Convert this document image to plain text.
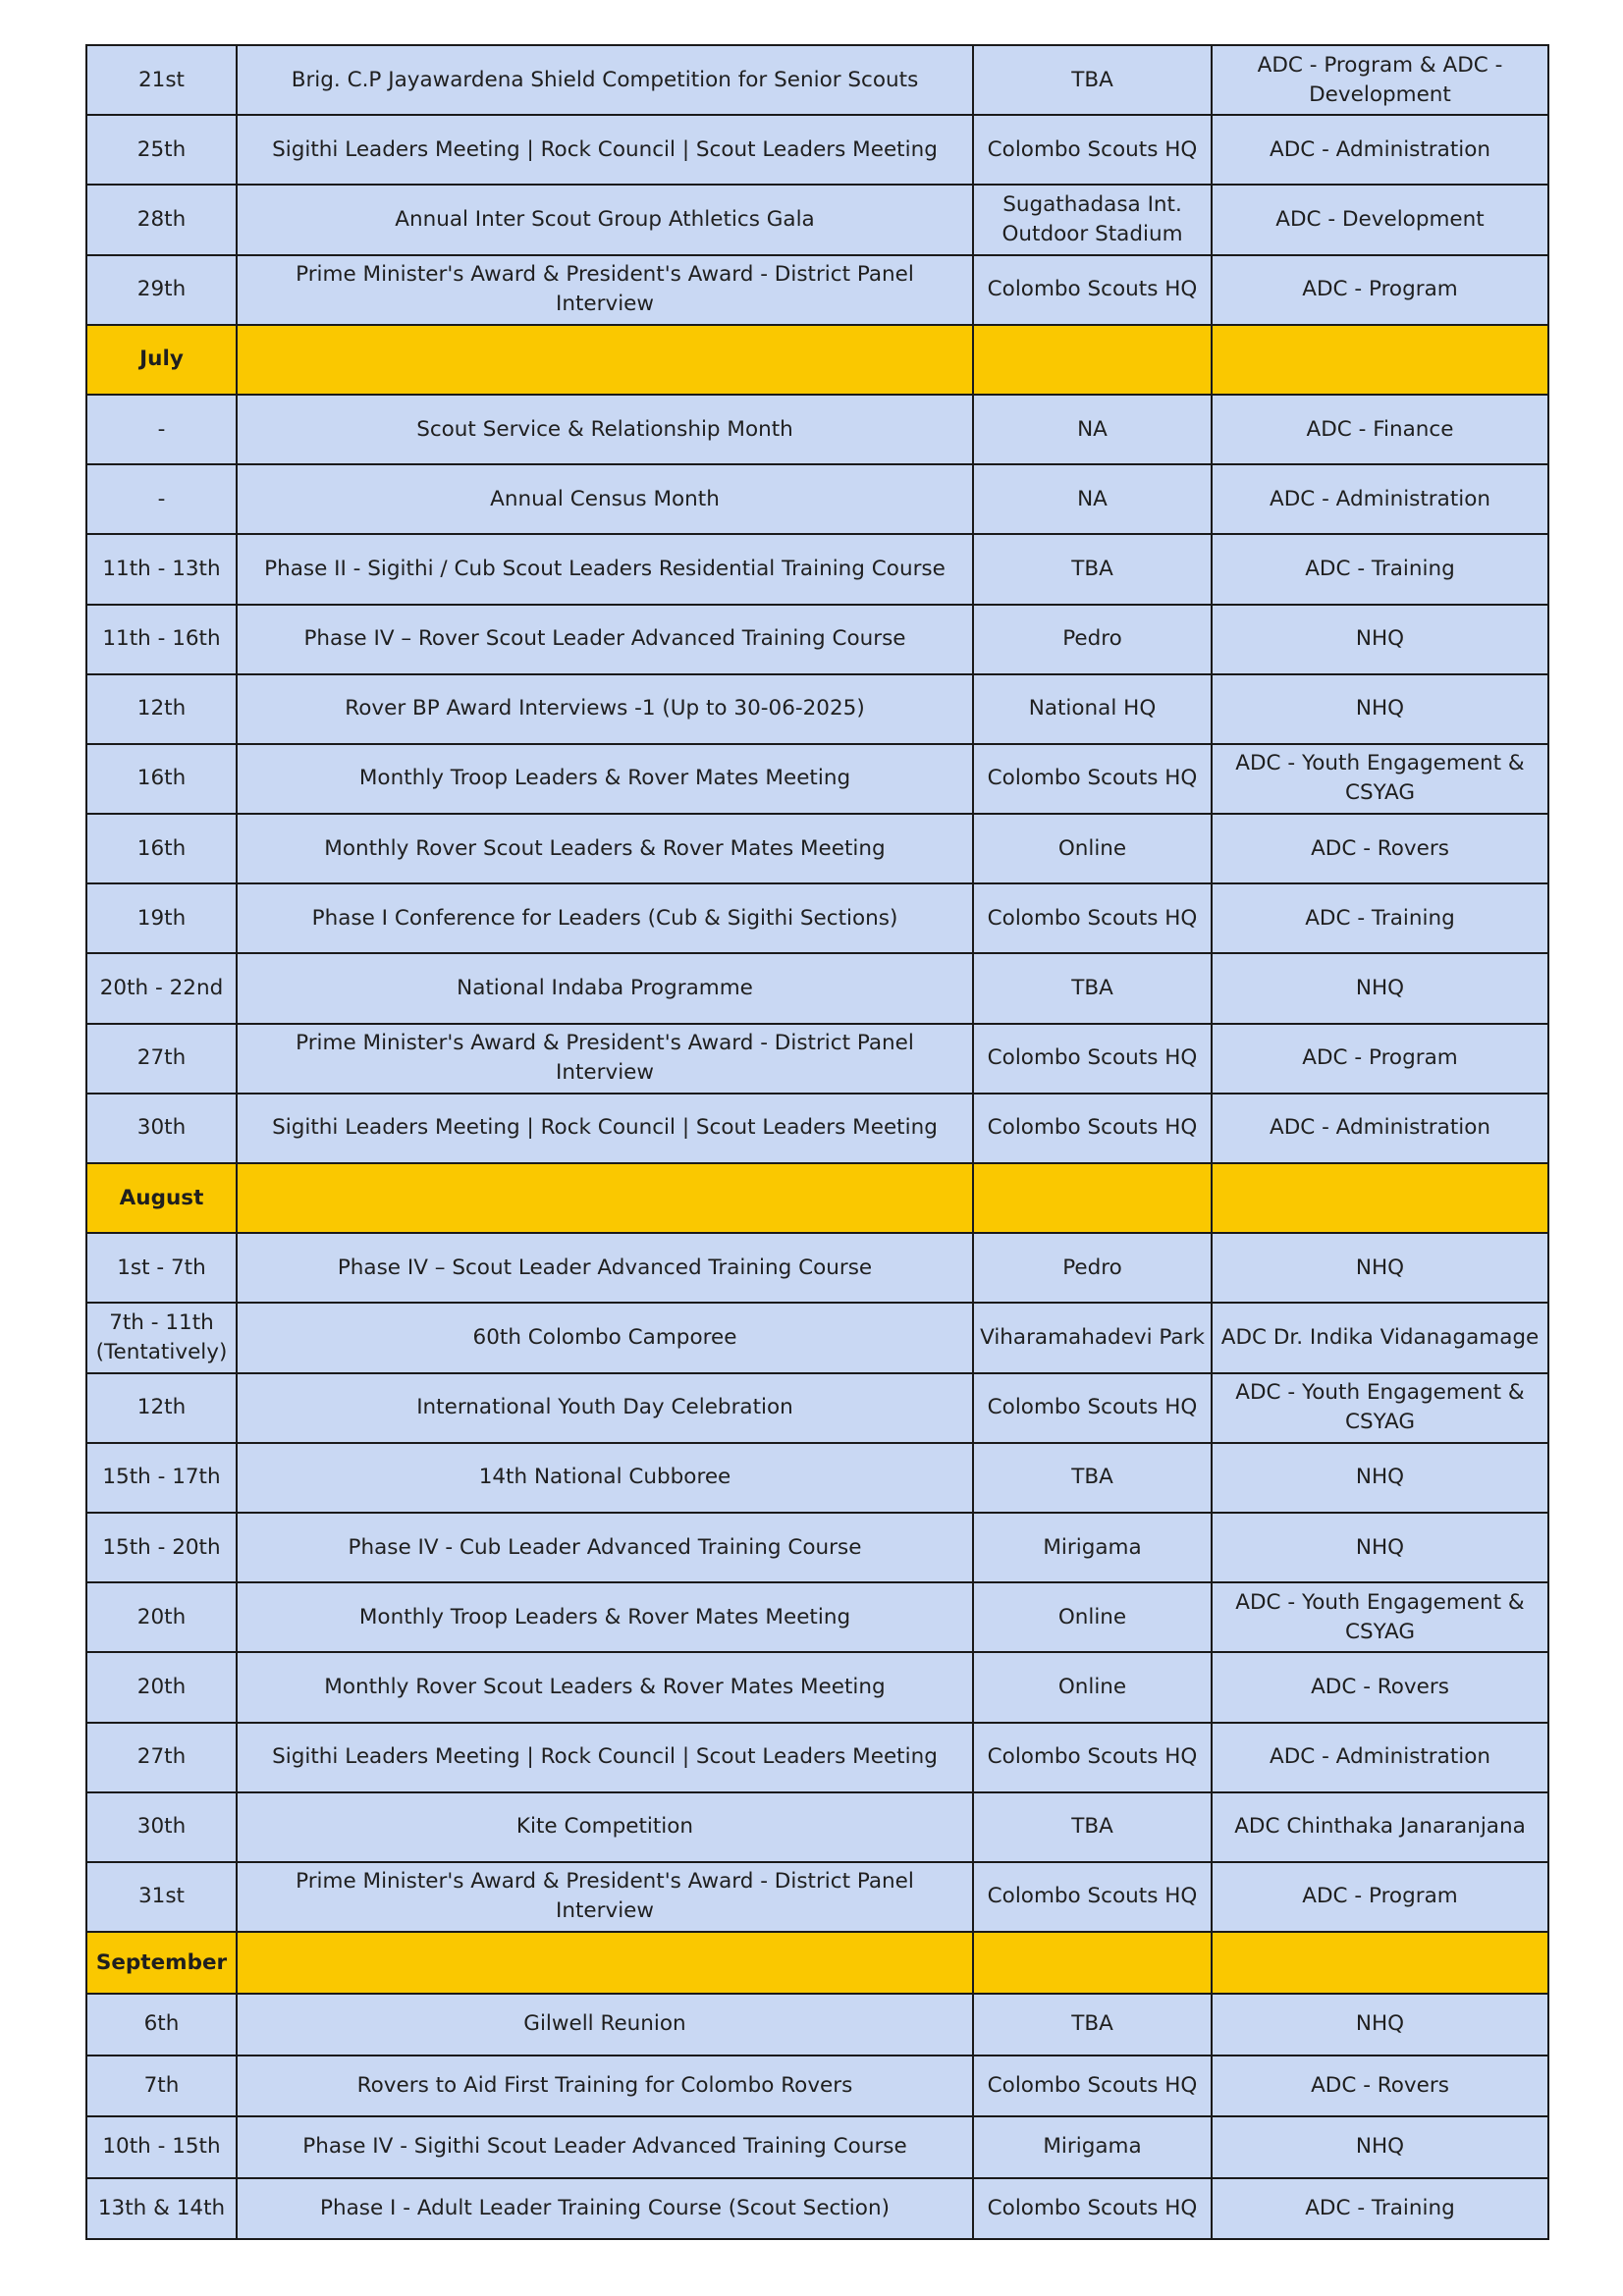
21st	Brig. C.P Jayawardena Shield Competition for Senior Scouts	TBA	ADC - Program & ADC - Development
25th	Sigithi Leaders Meeting | Rock Council | Scout Leaders Meeting	Colombo Scouts HQ	ADC - Administration
28th	Annual Inter Scout Group Athletics Gala	Sugathadasa Int. Outdoor Stadium	ADC - Development
29th	Prime Minister's Award & President's Award - District Panel Interview	Colombo Scouts HQ	ADC - Program
July			
-	Scout Service & Relationship Month	NA	ADC - Finance
-	Annual Census Month	NA	ADC - Administration
11th - 13th	Phase II - Sigithi / Cub Scout Leaders Residential Training Course	TBA	ADC - Training
11th - 16th	Phase IV – Rover Scout Leader Advanced Training Course	Pedro	NHQ
12th	Rover BP Award Interviews -1 (Up to 30-06-2025)	National HQ	NHQ
16th	Monthly Troop Leaders & Rover Mates Meeting	Colombo Scouts HQ	ADC - Youth Engagement & CSYAG
16th	Monthly Rover Scout Leaders & Rover Mates Meeting	Online	ADC - Rovers
19th	Phase I Conference for Leaders (Cub & Sigithi Sections)	Colombo Scouts HQ	ADC - Training
20th - 22nd	National Indaba Programme	TBA	NHQ
27th	Prime Minister's Award & President's Award - District Panel Interview	Colombo Scouts HQ	ADC - Program
30th	Sigithi Leaders Meeting | Rock Council | Scout Leaders Meeting	Colombo Scouts HQ	ADC - Administration
August			
1st - 7th	Phase IV – Scout Leader Advanced Training Course	Pedro	NHQ
7th - 11th (Tentatively)	60th Colombo Camporee	Viharamahadevi Park	ADC Dr. Indika Vidanagamage
12th	International Youth Day Celebration	Colombo Scouts HQ	ADC - Youth Engagement & CSYAG
15th - 17th	14th National Cubboree	TBA	NHQ
15th - 20th	Phase IV - Cub Leader Advanced Training Course	Mirigama	NHQ
20th	Monthly Troop Leaders & Rover Mates Meeting	Online	ADC - Youth Engagement & CSYAG
20th	Monthly Rover Scout Leaders & Rover Mates Meeting	Online	ADC - Rovers
27th	Sigithi Leaders Meeting | Rock Council | Scout Leaders Meeting	Colombo Scouts HQ	ADC - Administration
30th	Kite Competition	TBA	ADC Chinthaka Janaranjana
31st	Prime Minister's Award & President's Award - District Panel Interview	Colombo Scouts HQ	ADC - Program
September			
6th	Gilwell Reunion	TBA	NHQ
7th	Rovers to Aid First Training for Colombo Rovers	Colombo Scouts HQ	ADC - Rovers
10th - 15th	Phase IV - Sigithi Scout Leader Advanced Training Course	Mirigama	NHQ
13th & 14th	Phase I - Adult Leader Training Course (Scout Section)	Colombo Scouts HQ	ADC - Training
